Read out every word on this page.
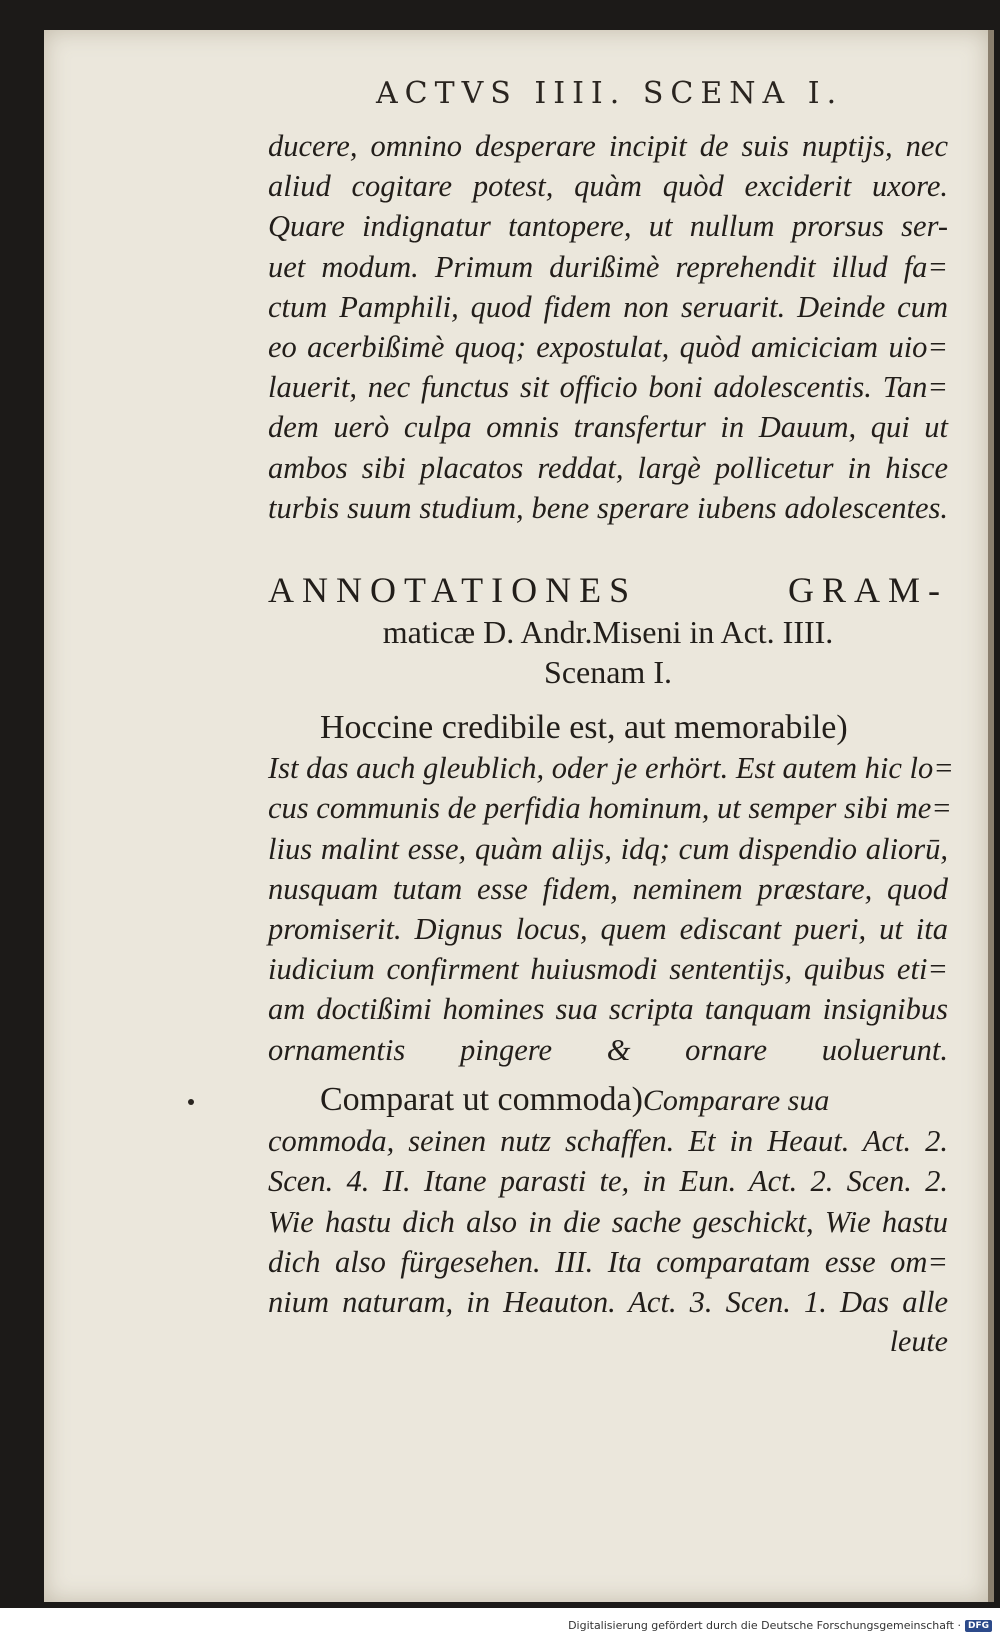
ACTVS IIII. SCENA I.
ducere, omnino desperare incipit de suis nuptijs, nec
aliud cogitare potest, quàm quòd exciderit uxore.
Quare indignatur tantopere, ut nullum prorsus ser-
uet modum. Primum durißimè reprehendit illud fa=
ctum Pamphili, quod fidem non seruarit. Deinde cum
eo acerbißimè quoq; expostulat, quòd amiciciam uio=
lauerit, nec functus sit officio boni adolescentis. Tan=
dem uerò culpa omnis transfertur in Dauum, qui ut
ambos sibi placatos reddat, largè pollicetur in hisce
turbis suum studium, bene sperare iubens adolescentes.
ANNOTATIONES GRAM-
maticæ D. Andr.Miseni in Act. IIII.
Scenam I.
Hoccine credibile est, aut memorabile)
Ist das auch gleublich, oder je erhört. Est autem hic lo=
cus communis de perfidia hominum, ut semper sibi me=
lius malint esse, quàm alijs, idq; cum dispendio aliorū,
nusquam tutam esse fidem, neminem præstare, quod
promiserit. Dignus locus, quem ediscant pueri, ut ita
iudicium confirment huiusmodi sententijs, quibus eti=
am doctißimi homines sua scripta tanquam insignibus
ornamentis pingere & ornare uoluerunt.
Comparat ut commoda)Comparare sua
commoda, seinen nutz schaffen. Et in Heaut. Act. 2.
Scen. 4. II. Itane parasti te, in Eun. Act. 2. Scen. 2.
Wie hastu dich also in die sache geschickt, Wie hastu
dich also fürgesehen. III. Ita comparatam esse om=
nium naturam, in Heauton. Act. 3. Scen. 1. Das alle
leute
Digitalisierung gefördert durch die Deutsche Forschungsgemeinschaft · DFG
